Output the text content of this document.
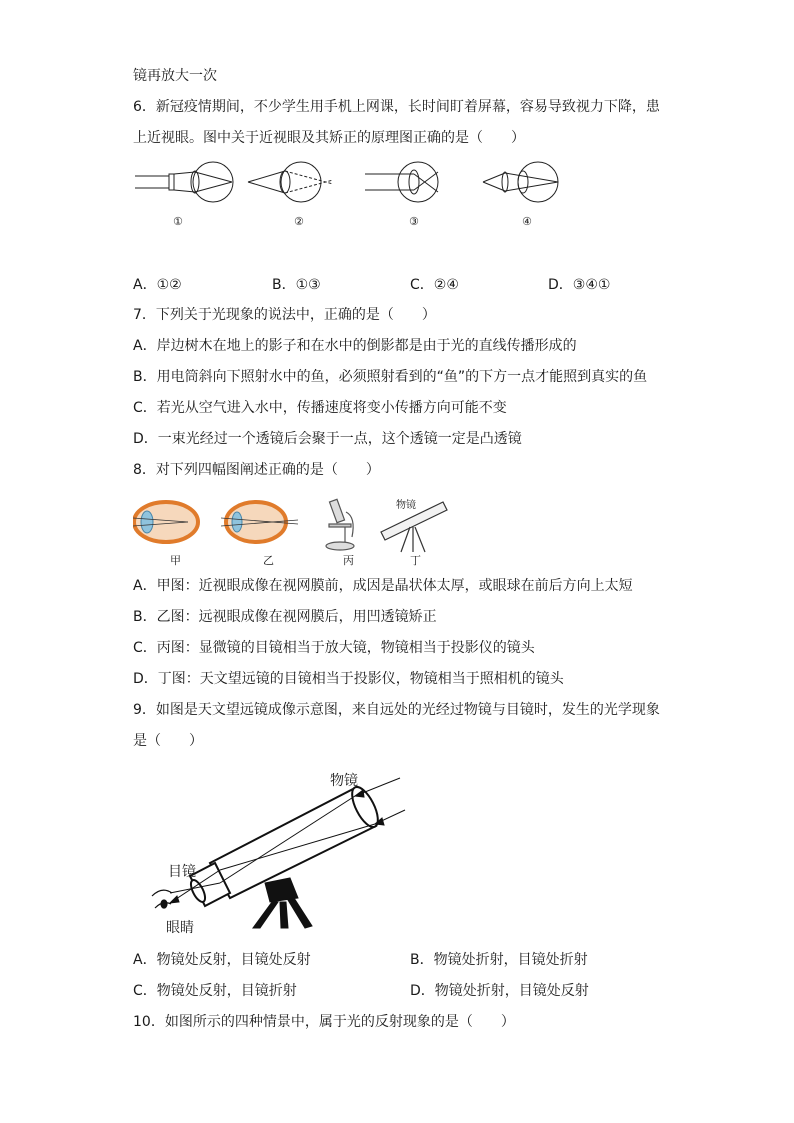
镜再放大一次
6．新冠疫情期间，不少学生用手机上网课，长时间盯着屏幕，容易导致视力下降，患
上近视眼。图中关于近视眼及其矫正的原理图正确的是（　　）
①	②	③	④
A．①②	B．①③	C．②④	D．③④①
7．下列关于光现象的说法中，正确的是（　　）
A．岸边树木在地上的影子和在水中的倒影都是由于光的直线传播形成的
B．用电筒斜向下照射水中的鱼，必须照射看到的“鱼”的下方一点才能照到真实的鱼
C．若光从空气进入水中，传播速度将变小传播方向可能不变
D．一束光经过一个透镜后会聚于一点，这个透镜一定是凸透镜
8．对下列四幅图阐述正确的是（　　）
物镜
甲	乙	丙	丁
A．甲图：近视眼成像在视网膜前，成因是晶状体太厚，或眼球在前后方向上太短
B．乙图：远视眼成像在视网膜后，用凹透镜矫正
C．丙图：显微镜的目镜相当于放大镜，物镜相当于投影仪的镜头
D．丁图：天文望远镜的目镜相当于投影仪，物镜相当于照相机的镜头
9．如图是天文望远镜成像示意图，来自远处的光经过物镜与目镜时，发生的光学现象
是（　　）
物镜
目镜
眼睛
A．物镜处反射，目镜处反射	B．物镜处折射，目镜处折射
C．物镜处反射，目镜折射	D．物镜处折射，目镜处反射
10．如图所示的四种情景中，属于光的反射现象的是（　　）
